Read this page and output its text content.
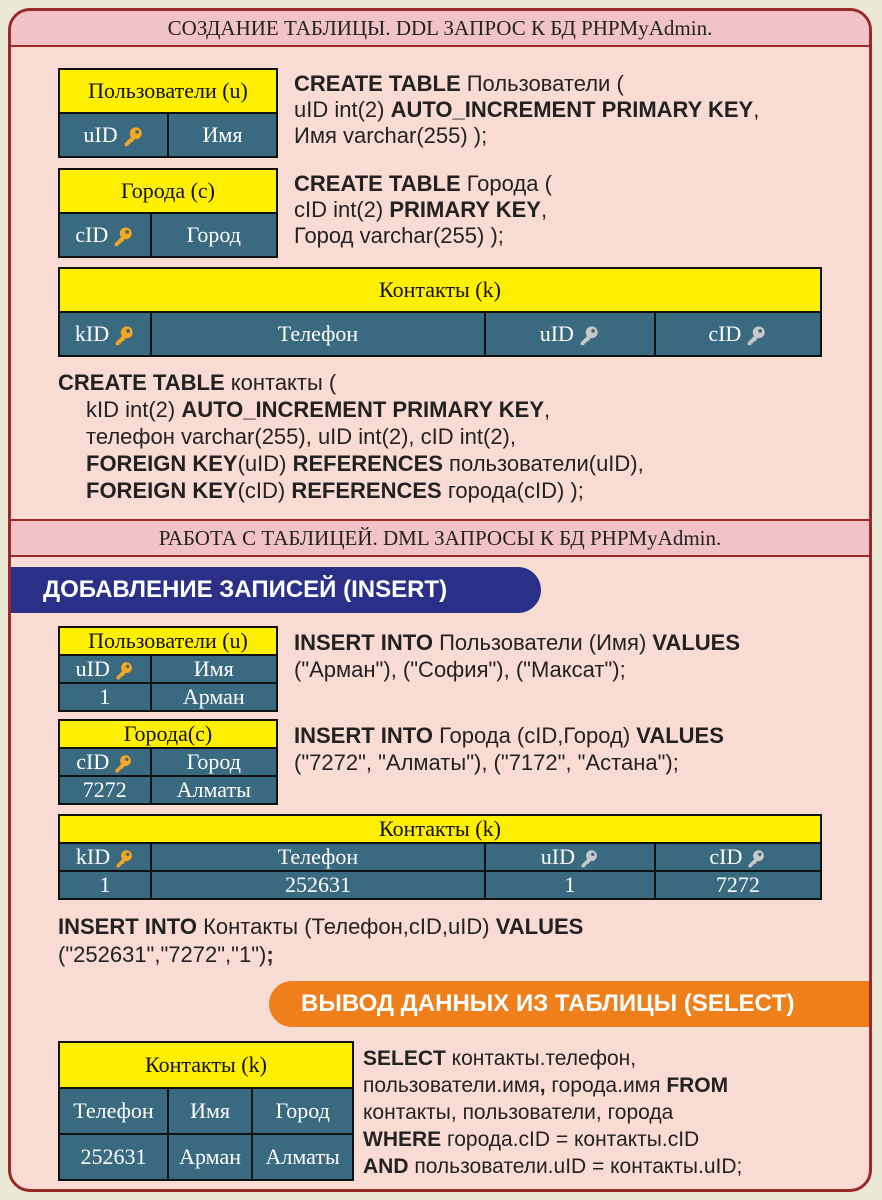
СОЗДАНИЕ ТАБЛИЦЫ. DDL ЗАПРОС К БД PHPMyAdmin.
Пользователи (u)
uID	Имя
CREATE TABLE Пользователи (
uID int(2) AUTO_INCREMENT PRIMARY KEY,
Имя varchar(255) );
Города (c)
cID	Город
CREATE TABLE Города (
cID int(2) PRIMARY KEY,
Город varchar(255) );
Контакты (k)
kID	Телефон	uID	cID
CREATE TABLE контакты (
kID int(2) AUTO_INCREMENT PRIMARY KEY,
телефон varchar(255), uID int(2), cID int(2),
FOREIGN KEY(uID) REFERENCES пользователи(uID),
FOREIGN KEY(cID) REFERENCES города(cID) );
РАБОТА С ТАБЛИЦЕЙ. DML ЗАПРОСЫ К БД PHPMyAdmin.
ДОБАВЛЕНИЕ ЗАПИСЕЙ (INSERT)
Пользователи (u)	
uID	Имя
1	Арман
INSERT INTO Пользователи (Имя) VALUES
("Арман"), ("София"), ("Максат");
Города(с)	
cID	Город
7272	Алматы
INSERT INTO Города (cID,Город) VALUES
("7272", "Алматы"), ("7172", "Астана");
Контакты (k)			
kID	Телефон	uID	cID
1	252631	1	7272
INSERT INTO Контакты (Телефон,cID,uID) VALUES
("252631","7272","1");
ВЫВОД ДАННЫХ ИЗ ТАБЛИЦЫ (SELECT)
Контакты (k)		
Телефон	Имя	Город
252631	Арман	Алматы
SELECT контакты.телефон,
пользователи.имя, города.имя FROM
контакты, пользователи, города
WHERE города.cID = контакты.cID
AND пользователи.uID = контакты.uID;
